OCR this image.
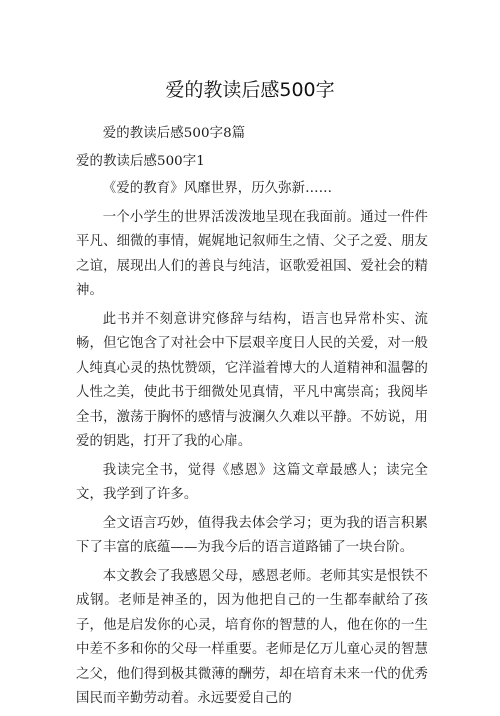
爱的教读后感500字

爱的教读后感500字8篇

爱的教读后感500字1

《爱的教育》风靡世界，历久弥新……

一个小学生的世界活泼泼地呈现在我面前。通过一件件平凡、细微的事情，娓娓地记叙师生之情、父子之爱、朋友之谊，展现出人们的善良与纯洁，讴歌爱祖国、爱社会的精神。

此书并不刻意讲究修辞与结构，语言也异常朴实、流畅，但它饱含了对社会中下层艰辛度日人民的关爱，对一般人纯真心灵的热忱赞颂，它洋溢着博大的人道精神和温馨的人性之美，使此书于细微处见真情，平凡中寓崇高；我阅毕全书，激荡于胸怀的感情与波澜久久难以平静。不妨说，用爱的钥匙，打开了我的心扉。

我读完全书，觉得《感恩》这篇文章最感人；读完全文，我学到了许多。

全文语言巧妙，值得我去体会学习；更为我的语言积累下了丰富的底蕴——为我今后的语言道路铺了一块台阶。

本文教会了我感恩父母，感恩老师。老师其实是恨铁不成钢。老师是神圣的，因为他把自己的一生都奉献给了孩子，他是启发你的心灵，培育你的智慧的人，他在你的一生中差不多和你的父母一样重要。老师是亿万儿童心灵的智慧之父，他们得到极其微薄的酬劳，却在培育未来一代的优秀国民而辛勤劳动着。永远要爱自己的
